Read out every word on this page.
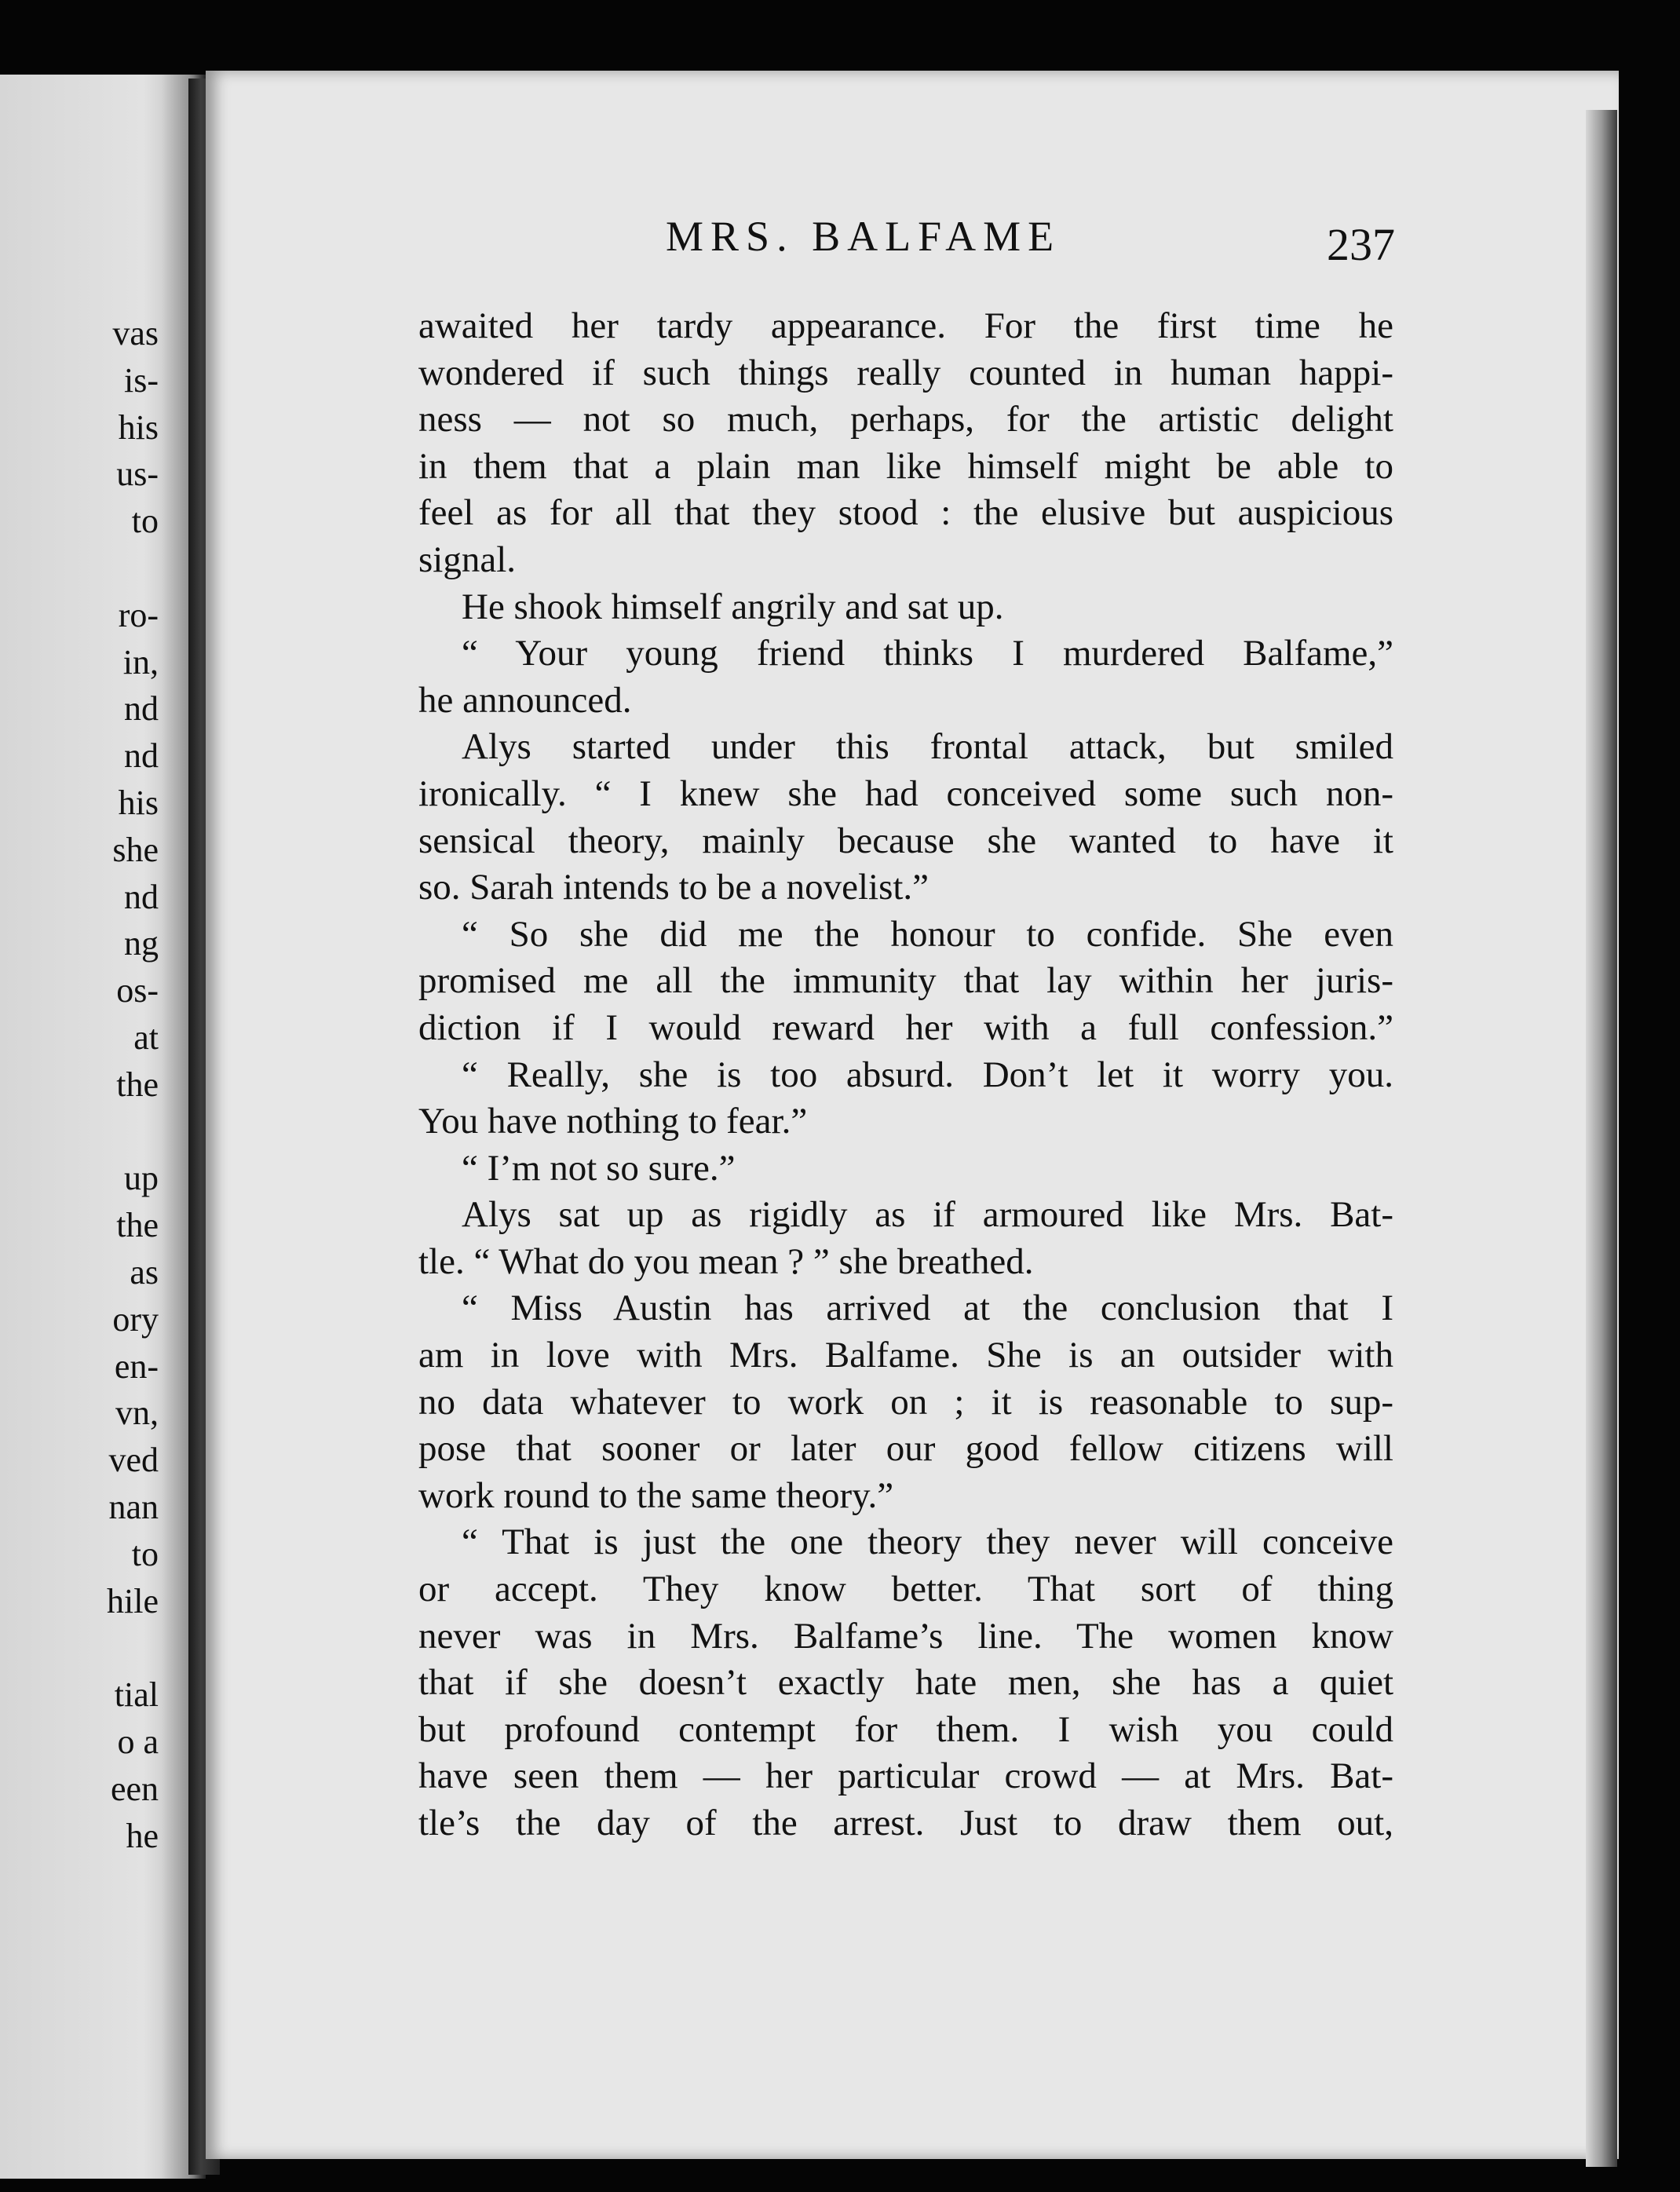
vas
is-
his
us-
to
ro-
in,
nd
nd
his
she
nd
ng
os-
at
the
up
the
as
ory
en-
vn,
ved
nan
to
hile
tial
o a
een
he
MRS. BALFAME	237
awaited her tardy appearance. For the first time he
wondered if such things really counted in human happi-
ness — not so much, perhaps, for the artistic delight
in them that a plain man like himself might be able to
feel as for all that they stood : the elusive but auspicious
signal.
He shook himself angrily and sat up.
“ Your young friend thinks I murdered Balfame,”
he announced.
Alys started under this frontal attack, but smiled
ironically. “ I knew she had conceived some such non-
sensical theory, mainly because she wanted to have it
so. Sarah intends to be a novelist.”
“ So she did me the honour to confide. She even
promised me all the immunity that lay within her juris-
diction if I would reward her with a full confession.”
“ Really, she is too absurd. Don’t let it worry you.
You have nothing to fear.”
“ I’m not so sure.”
Alys sat up as rigidly as if armoured like Mrs. Bat-
tle. “ What do you mean ? ” she breathed.
“ Miss Austin has arrived at the conclusion that I
am in love with Mrs. Balfame. She is an outsider with
no data whatever to work on ; it is reasonable to sup-
pose that sooner or later our good fellow citizens will
work round to the same theory.”
“ That is just the one theory they never will conceive
or accept. They know better. That sort of thing
never was in Mrs. Balfame’s line. The women know
that if she doesn’t exactly hate men, she has a quiet
but profound contempt for them. I wish you could
have seen them — her particular crowd — at Mrs. Bat-
tle’s the day of the arrest. Just to draw them out,
